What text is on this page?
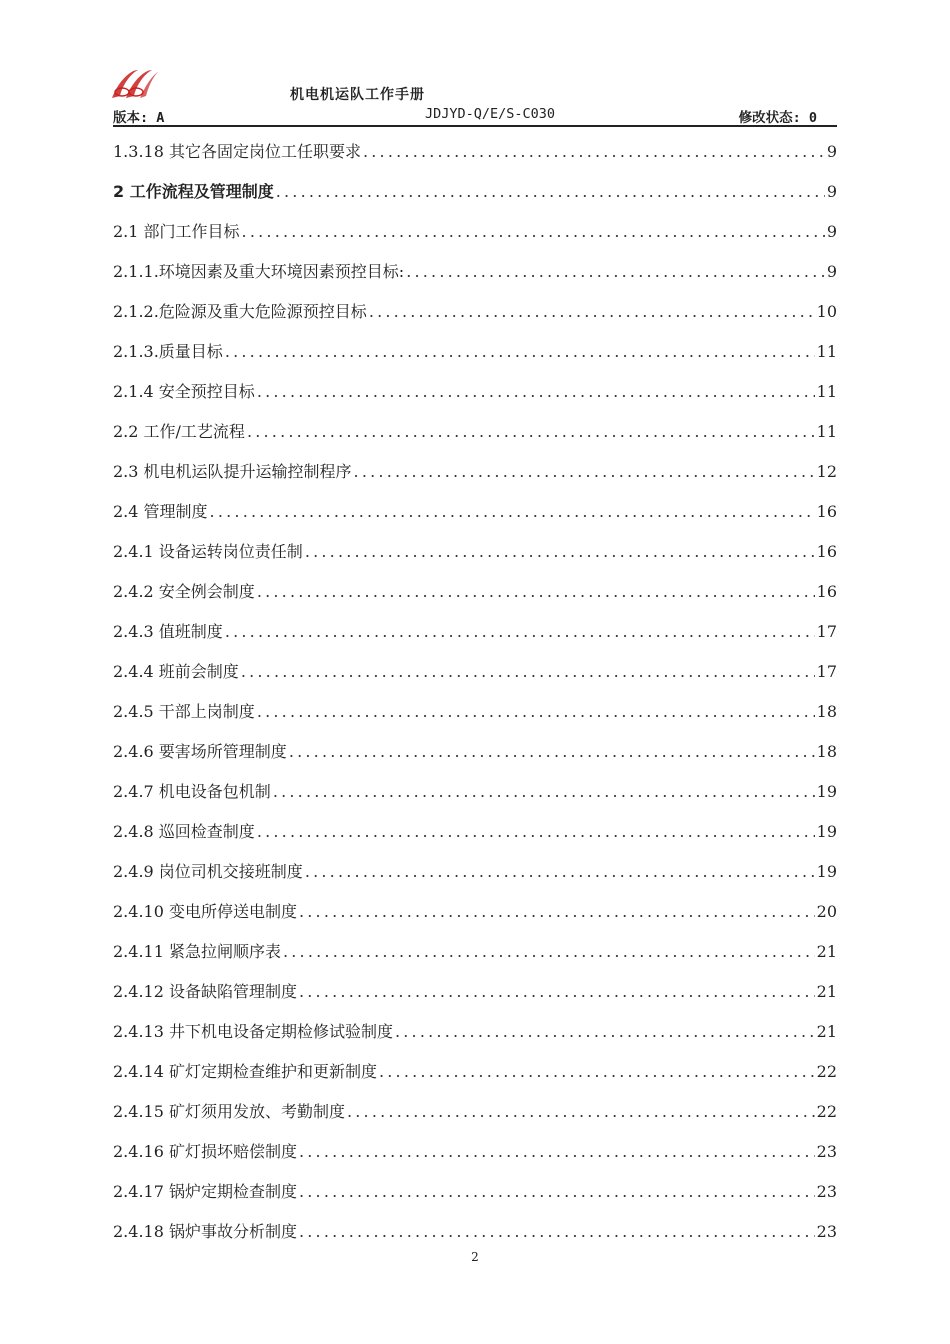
机电机运队工作手册
版本: A	JDJYD-Q/E/S-C030	修改状态: 0
1.3.18 其它各固定岗位工任职要求 .....	9
2 工作流程及管理制度 .....	9
2.1 部门工作目标 .....	9
2.1.1.环境因素及重大环境因素预控目标: .....	9
2.1.2.危险源及重大危险源预控目标 .....	10
2.1.3.质量目标 .....	11
2.1.4 安全预控目标 .....	11
2.2 工作/工艺流程 .....	11
2.3 机电机运队提升运输控制程序 .....	12
2.4 管理制度 .....	16
2.4.1 设备运转岗位责任制 .....	16
2.4.2 安全例会制度 .....	16
2.4.3 值班制度 .....	17
2.4.4 班前会制度 .....	17
2.4.5 干部上岗制度 .....	18
2.4.6 要害场所管理制度 .....	18
2.4.7 机电设备包机制 .....	19
2.4.8 巡回检查制度 .....	19
2.4.9 岗位司机交接班制度 .....	19
2.4.10 变电所停送电制度 .....	20
2.4.11 紧急拉闸顺序表 .....	21
2.4.12 设备缺陷管理制度 .....	21
2.4.13 井下机电设备定期检修试验制度 .....	21
2.4.14 矿灯定期检查维护和更新制度 .....	22
2.4.15 矿灯须用发放、考勤制度 .....	22
2.4.16 矿灯损坏赔偿制度 .....	23
2.4.17 锅炉定期检查制度 .....	23
2.4.18 锅炉事故分析制度 .....	23
2
